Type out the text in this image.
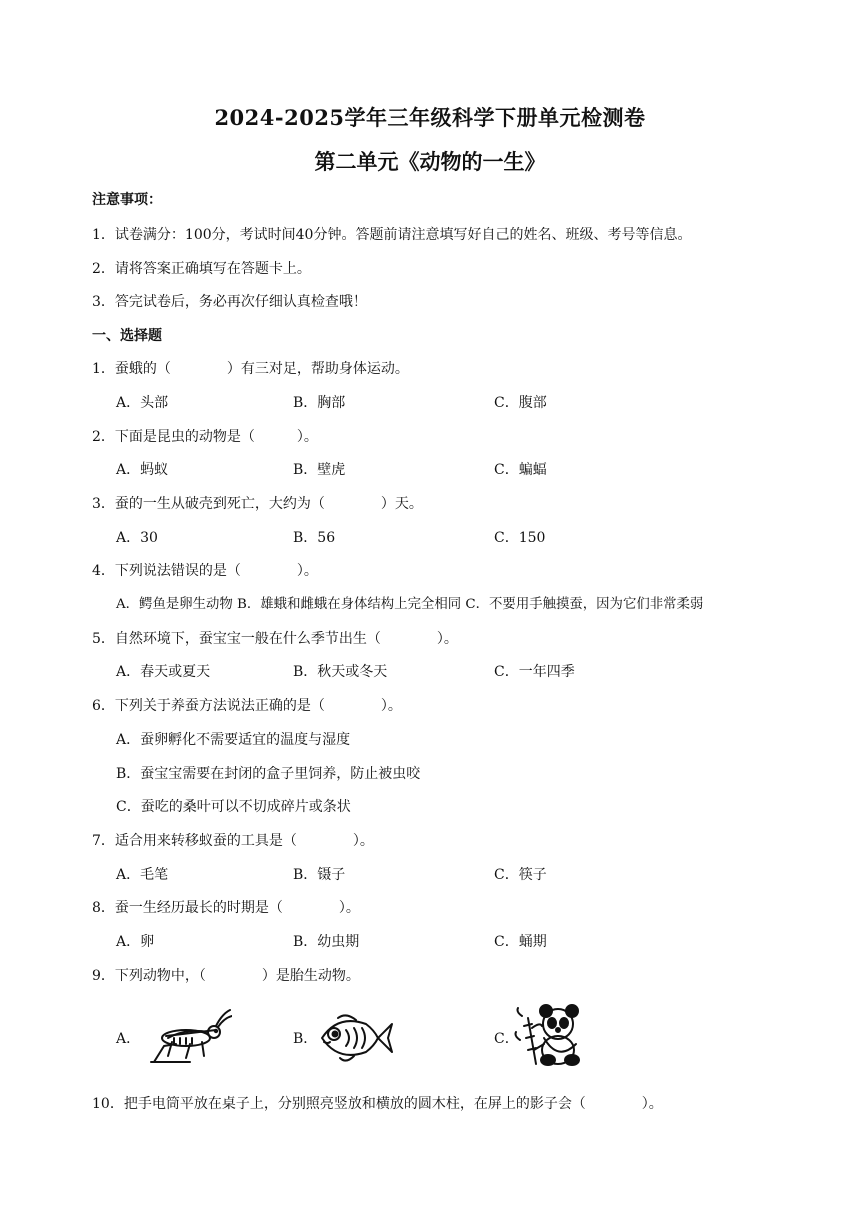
2024-2025学年三年级科学下册单元检测卷
第二单元《动物的一生》
注意事项：
1．试卷满分：100分，考试时间40分钟。答题前请注意填写好自己的姓名、班级、考号等信息。
2．请将答案正确填写在答题卡上。
3．答完试卷后，务必再次仔细认真检查哦！
一、选择题
1．蚕蛾的（　　　　）有三对足，帮助身体运动。
A．头部	B．胸部	C．腹部
2．下面是昆虫的动物是（　　　）。
A．蚂蚁	B．壁虎	C．蝙蝠
3．蚕的一生从破壳到死亡，大约为（　　　　）天。
A．30	B．56	C．150
4．下列说法错误的是（　　　　）。
A．鳄鱼是卵生动物 B．雄蛾和雌蛾在身体结构上完全相同 C．不要用手触摸蚕，因为它们非常柔弱
5．自然环境下，蚕宝宝一般在什么季节出生（　　　　）。
A．春天或夏天	B．秋天或冬天	C．一年四季
6．下列关于养蚕方法说法正确的是（　　　　）。
A．蚕卵孵化不需要适宜的温度与湿度
B．蚕宝宝需要在封闭的盒子里饲养，防止被虫咬
C．蚕吃的桑叶可以不切成碎片或条状
7．适合用来转移蚁蚕的工具是（　　　　）。
A．毛笔	B．镊子	C．筷子
8．蚕一生经历最长的时期是（　　　　）。
A．卵	B．幼虫期	C．蛹期
9．下列动物中，（　　　　）是胎生动物。
A．	B．	C．
10．把手电筒平放在桌子上，分别照亮竖放和横放的圆木柱，在屏上的影子会（　　　　）。
